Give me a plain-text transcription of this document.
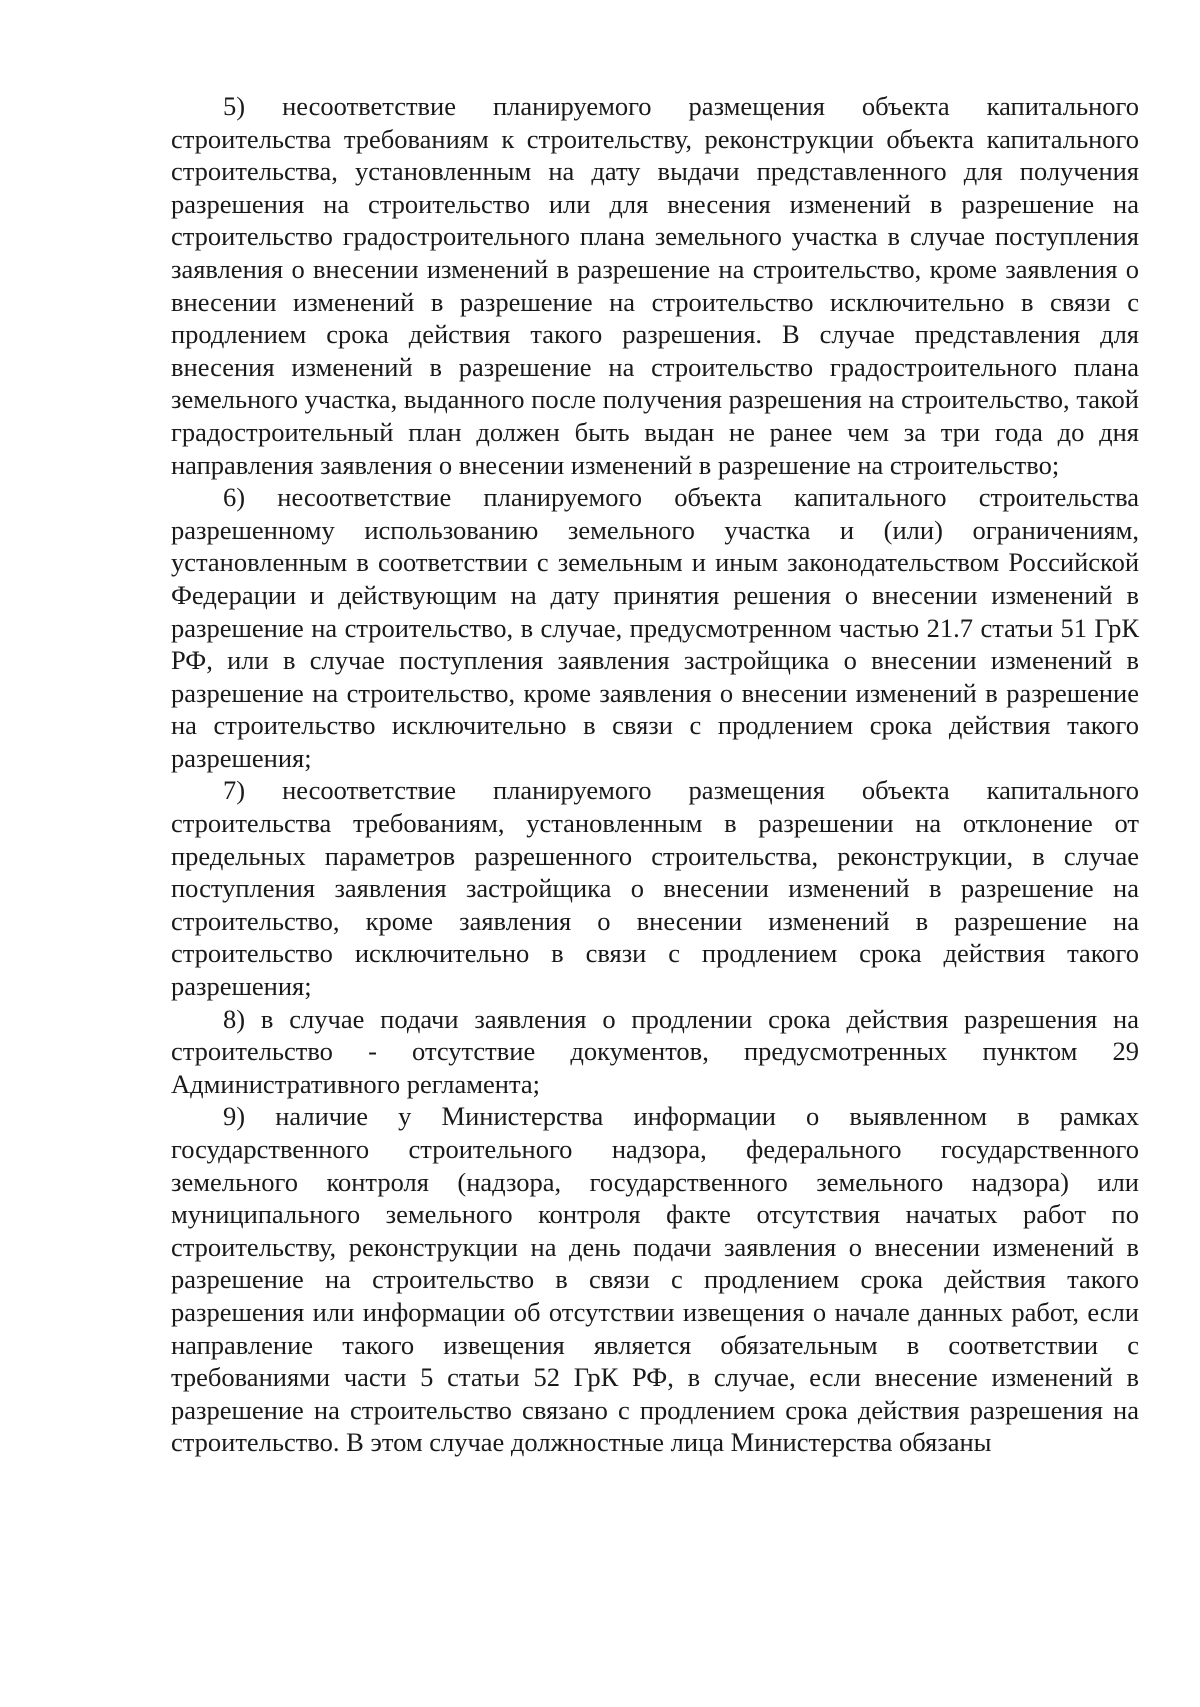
5) несоответствие планируемого размещения объекта капитального строительства требованиям к строительству, реконструкции объекта капитального строительства, установленным на дату выдачи представленного для получения разрешения на строительство или для внесения изменений в разрешение на строительство градостроительного плана земельного участка в случае поступления заявления о внесении изменений в разрешение на строительство, кроме заявления о внесении изменений в разрешение на строительство исключительно в связи с продлением срока действия такого разрешения. В случае представления для внесения изменений в разрешение на строительство градостроительного плана земельного участка, выданного после получения разрешения на строительство, такой градостроительный план должен быть выдан не ранее чем за три года до дня направления заявления о внесении изменений в разрешение на строительство;

6) несоответствие планируемого объекта капитального строительства разрешенному использованию земельного участка и (или) ограничениям, установленным в соответствии с земельным и иным законодательством Российской Федерации и действующим на дату принятия решения о внесении изменений в разрешение на строительство, в случае, предусмотренном частью 21.7 статьи 51 ГрК РФ, или в случае поступления заявления застройщика о внесении изменений в разрешение на строительство, кроме заявления о внесении изменений в разрешение на строительство исключительно в связи с продлением срока действия такого разрешения;

7) несоответствие планируемого размещения объекта капитального строительства требованиям, установленным в разрешении на отклонение от предельных параметров разрешенного строительства, реконструкции, в случае поступления заявления застройщика о внесении изменений в разрешение на строительство, кроме заявления о внесении изменений в разрешение на строительство исключительно в связи с продлением срока действия такого разрешения;

8) в случае подачи заявления о продлении срока действия разрешения на строительство - отсутствие документов, предусмотренных пунктом 29 Административного регламента;

9) наличие у Министерства информации о выявленном в рамках государственного строительного надзора, федерального государственного земельного контроля (надзора, государственного земельного надзора) или муниципального земельного контроля факте отсутствия начатых работ по строительству, реконструкции на день подачи заявления о внесении изменений в разрешение на строительство в связи с продлением срока действия такого разрешения или информации об отсутствии извещения о начале данных работ, если направление такого извещения является обязательным в соответствии с требованиями части 5 статьи 52 ГрК РФ, в случае, если внесение изменений в разрешение на строительство связано с продлением срока действия разрешения на строительство. В этом случае должностные лица Министерства обязаны
